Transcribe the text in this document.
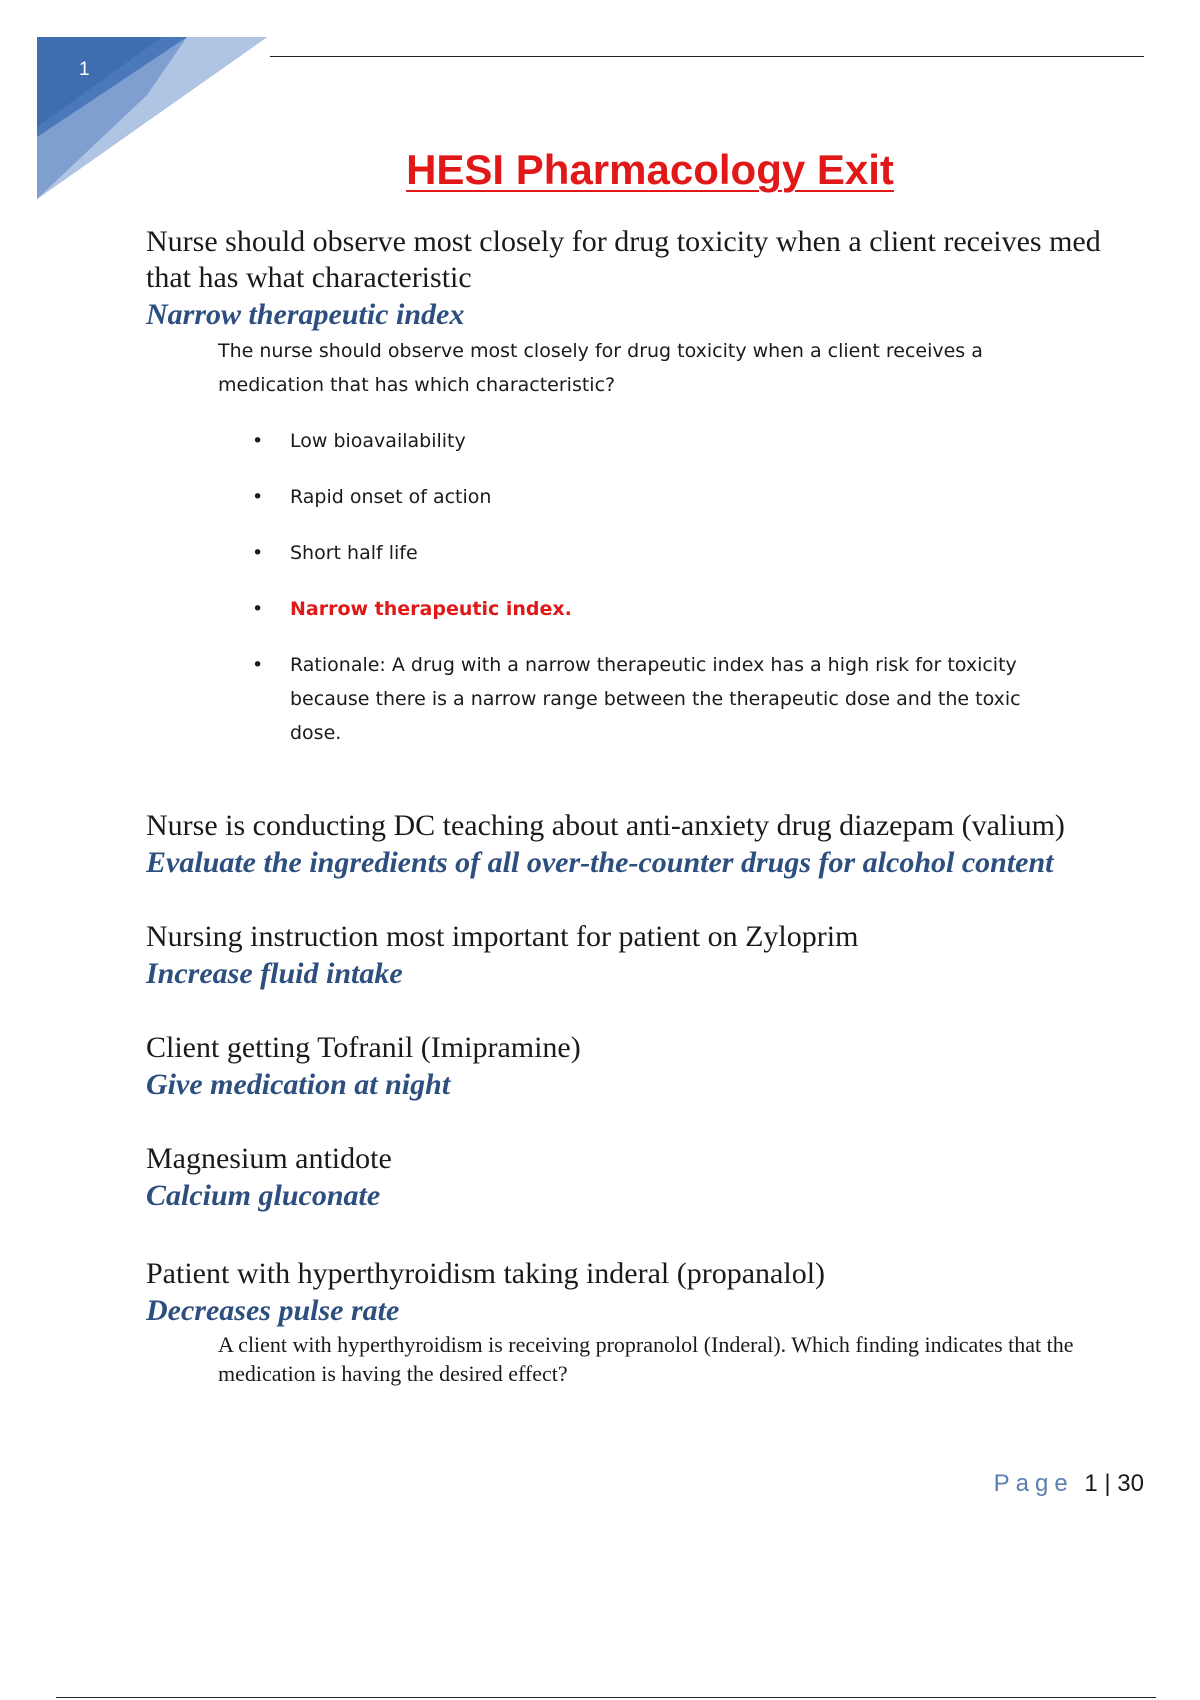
1
HESI Pharmacology Exit

Nurse should observe most closely for drug toxicity when a client receives med that has what characteristic

Narrow therapeutic index

The nurse should observe most closely for drug toxicity when a client receives a medication that has which characteristic?

• Low bioavailability
• Rapid onset of action
• Short half life
• Narrow therapeutic index.
• Rationale: A drug with a narrow therapeutic index has a high risk for toxicity because there is a narrow range between the therapeutic dose and the toxic dose.

Nurse is conducting DC teaching about anti-anxiety drug diazepam (valium)

Evaluate the ingredients of all over-the-counter drugs for alcohol content

Nursing instruction most important for patient on Zyloprim

Increase fluid intake

Client getting Tofranil (Imipramine)

Give medication at night

Magnesium antidote

Calcium gluconate

Patient with hyperthyroidism taking inderal (propanalol)

Decreases pulse rate

A client with hyperthyroidism is receiving propranolol (Inderal). Which finding indicates that the medication is having the desired effect?

Page 1 | 30
